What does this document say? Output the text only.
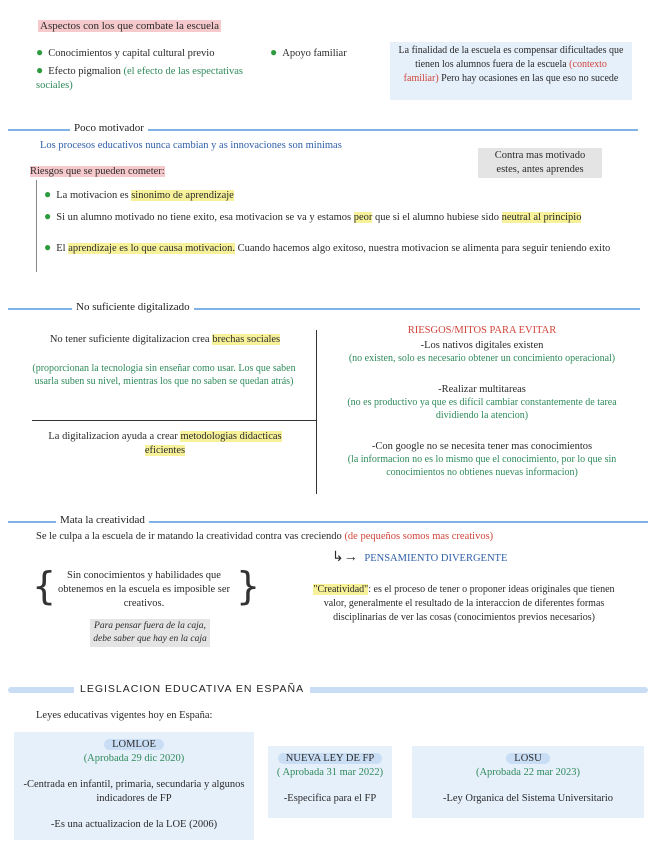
Aspectos con los que combate la escuela
● Conocimientos y capital cultural previo	● Apoyo familiar
● Efecto pigmalion (el efecto de las espectativas sociales)
La finalidad de la escuela es compensar dificultades que tienen los alumnos fuera de la escuela (contexto familiar) Pero hay ocasiones en las que eso no sucede
Poco motivador
Los procesos educativos nunca cambian y as innovaciones son minimas
Contra mas motivado estes, antes aprendes
Riesgos que se pueden cometer:
● La motivacion es sinonimo de aprendizaje
● Si un alumno motivado no tiene exito, esa motivacion se va y estamos peor que si el alumno hubiese sido neutral al principio
● El aprendizaje es lo que causa motivacion. Cuando hacemos algo exitoso, nuestra motivacion se alimenta para seguir teniendo exito
No suficiente digitalizado
No tener suficiente digitalizacion crea brechas sociales
(proporcionan la tecnologia sin enseñar como usar. Los que saben usarla suben su nivel, mientras los que no saben se quedan atrás)
La digitalizacion ayuda a crear metodologias didacticas eficientes
RIESGOS/MITOS PARA EVITAR
-Los nativos digitales existen
(no existen, solo es necesario obtener un concimiento operacional)
-Realizar multitareas
(no es productivo ya que es difícil cambiar constantemente de tarea dividiendo la atencion)
-Con google no se necesita tener mas conocimientos
(la informacion no es lo mismo que el conocimiento, por lo que sin conocimientos no obtienes nuevas informacion)
Mata la creatividad
Se le culpa a la escuela de ir matando la creatividad contra vas creciendo (de pequeños somos mas creativos)
↳→ PENSAMIENTO DIVERGENTE
{	Sin conocimientos y habilidades que obtenemos en la escuela es imposible ser creativos.	}
Para pensar fuera de la caja, debe saber que hay en la caja
"Creatividad": es el proceso de tener o proponer ideas originales que tienen valor, generalmente el resultado de la interaccion de diferentes formas disciplinarias de ver las cosas (conocimientos previos necesarios)
LEGISLACION EDUCATIVA EN ESPAÑA
Leyes educativas vigentes hoy en España:
LOMLOE
(Aprobada 29 dic 2020)
-Centrada en infantil, primaria, secundaria y algunos indicadores de FP
-Es una actualizacion de la LOE (2006)
NUEVA LEY DE FP
( Aprobada 31 mar 2022)
-Especifica para el FP
LOSU
(Aprobada 22 mar 2023)
-Ley Organica del Sistema Universitario
